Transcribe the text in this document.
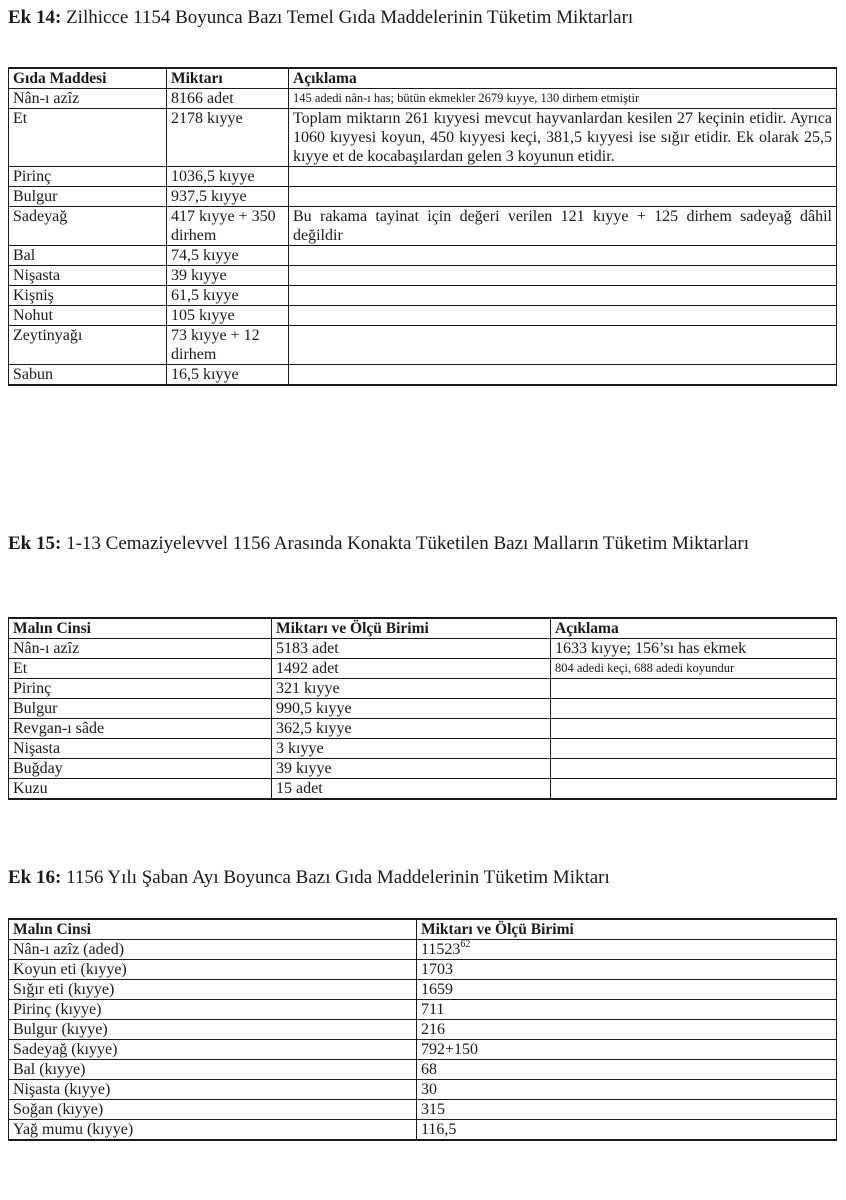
Ek 14: Zilhicce 1154 Boyunca Bazı Temel Gıda Maddelerinin Tüketim Miktarları
Gıda Maddesi	Miktarı	Açıklama
Nân-ı azîz	8166 adet	145 adedi nân-ı has; bütün ekmekler 2679 kıyye, 130 dirhem etmiştir
Et	2178 kıyye	Toplam miktarın 261 kıyyesi mevcut hayvanlardan kesilen 27 keçinin etidir. Ayrıca 1060 kıyyesi koyun, 450 kıyyesi keçi, 381,5 kıyyesi ise sığır etidir. Ek olarak 25,5 kıyye et de kocabaşılardan gelen 3 koyunun etidir.
Pirinç	1036,5 kıyye	
Bulgur	937,5 kıyye	
Sadeyağ	417 kıyye + 350 dirhem	Bu rakama tayinat için değeri verilen 121 kıyye + 125 dirhem sadeyağ dâhil değildir
Bal	74,5 kıyye	
Nişasta	39 kıyye	
Kişniş	61,5 kıyye	
Nohut	105 kıyye	
Zeytinyağı	73 kıyye + 12 dirhem	
Sabun	16,5 kıyye	
Ek 15: 1-13 Cemaziyelevvel 1156 Arasında Konakta Tüketilen Bazı Malların Tüketim Miktarları
Malın Cinsi	Miktarı ve Ölçü Birimi	Açıklama
Nân-ı azîz	5183 adet	1633 kıyye; 156’sı has ekmek
Et	1492 adet	804 adedi keçi, 688 adedi koyundur
Pirinç	321 kıyye	
Bulgur	990,5 kıyye	
Revgan-ı sâde	362,5 kıyye	
Nişasta	3 kıyye	
Buğday	39 kıyye	
Kuzu	15 adet	
Ek 16: 1156 Yılı Şaban Ayı Boyunca Bazı Gıda Maddelerinin Tüketim Miktarı
Malın Cinsi	Miktarı ve Ölçü Birimi
Nân-ı azîz (aded)	11523$^{62}$
Koyun eti (kıyye)	1703
Sığır eti (kıyye)	1659
Pirinç (kıyye)	711
Bulgur (kıyye)	216
Sadeyağ (kıyye)	792+150
Bal (kıyye)	68
Nişasta (kıyye)	30
Soğan (kıyye)	315
Yağ mumu (kıyye)	116,5
